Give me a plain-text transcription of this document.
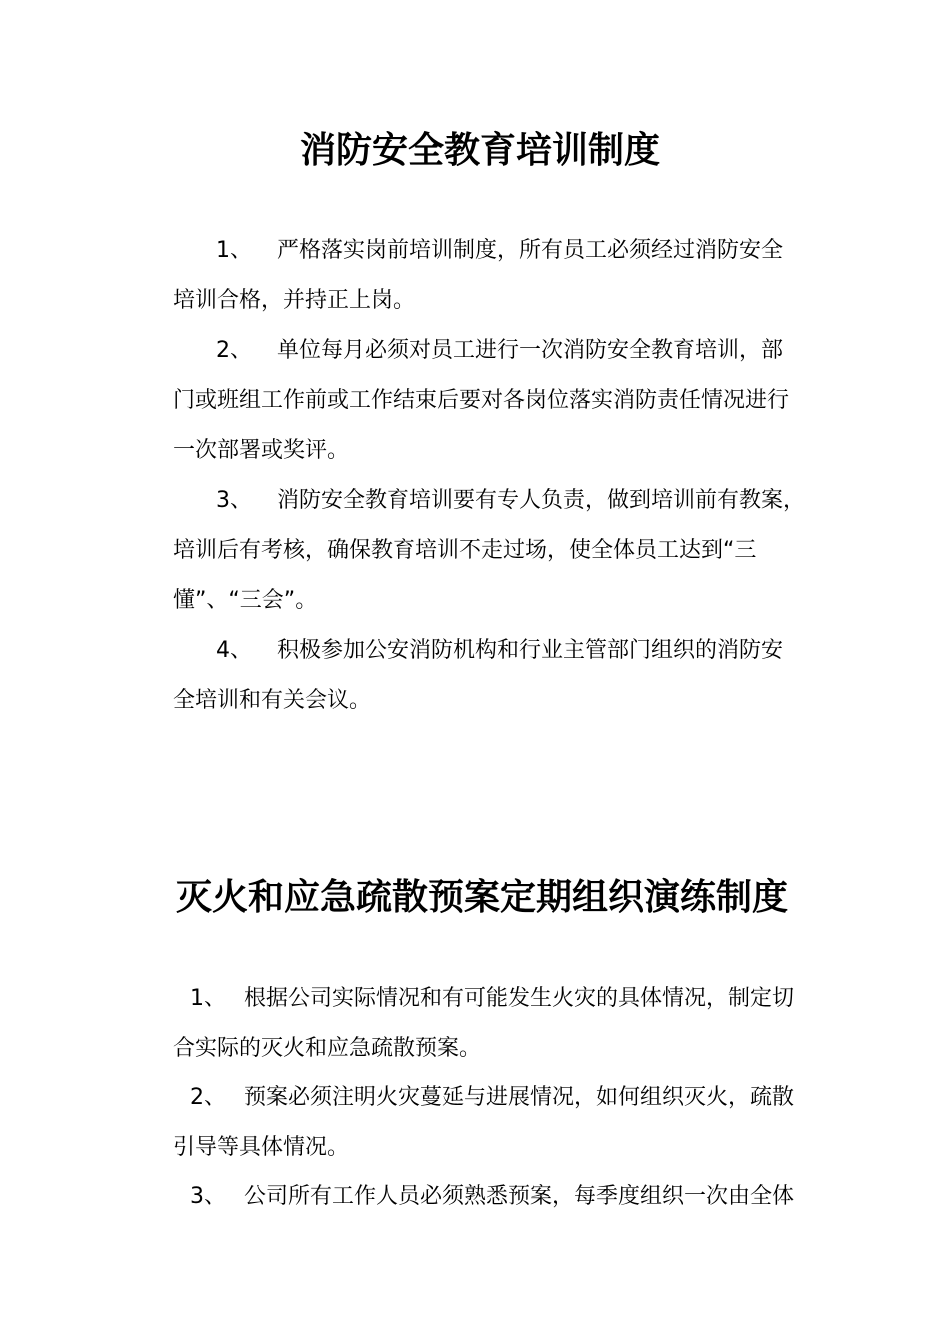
消防安全教育培训制度
1、 严格落实岗前培训制度，所有员工必须经过消防安全

培训合格，并持正上岗。

2、 单位每月必须对员工进行一次消防安全教育培训，部

门或班组工作前或工作结束后要对各岗位落实消防责任情况进行

一次部署或奖评。

3、 消防安全教育培训要有专人负责，做到培训前有教案，

培训后有考核，确保教育培训不走过场，使全体员工达到“三

懂”、“三会”。

4、 积极参加公安消防机构和行业主管部门组织的消防安

全培训和有关会议。

灭火和应急疏散预案定期组织演练制度
1、 根据公司实际情况和有可能发生火灾的具体情况，制定切

合实际的灭火和应急疏散预案。

2、 预案必须注明火灾蔓延与进展情况，如何组织灭火，疏散

引导等具体情况。

3、 公司所有工作人员必须熟悉预案，每季度组织一次由全体
